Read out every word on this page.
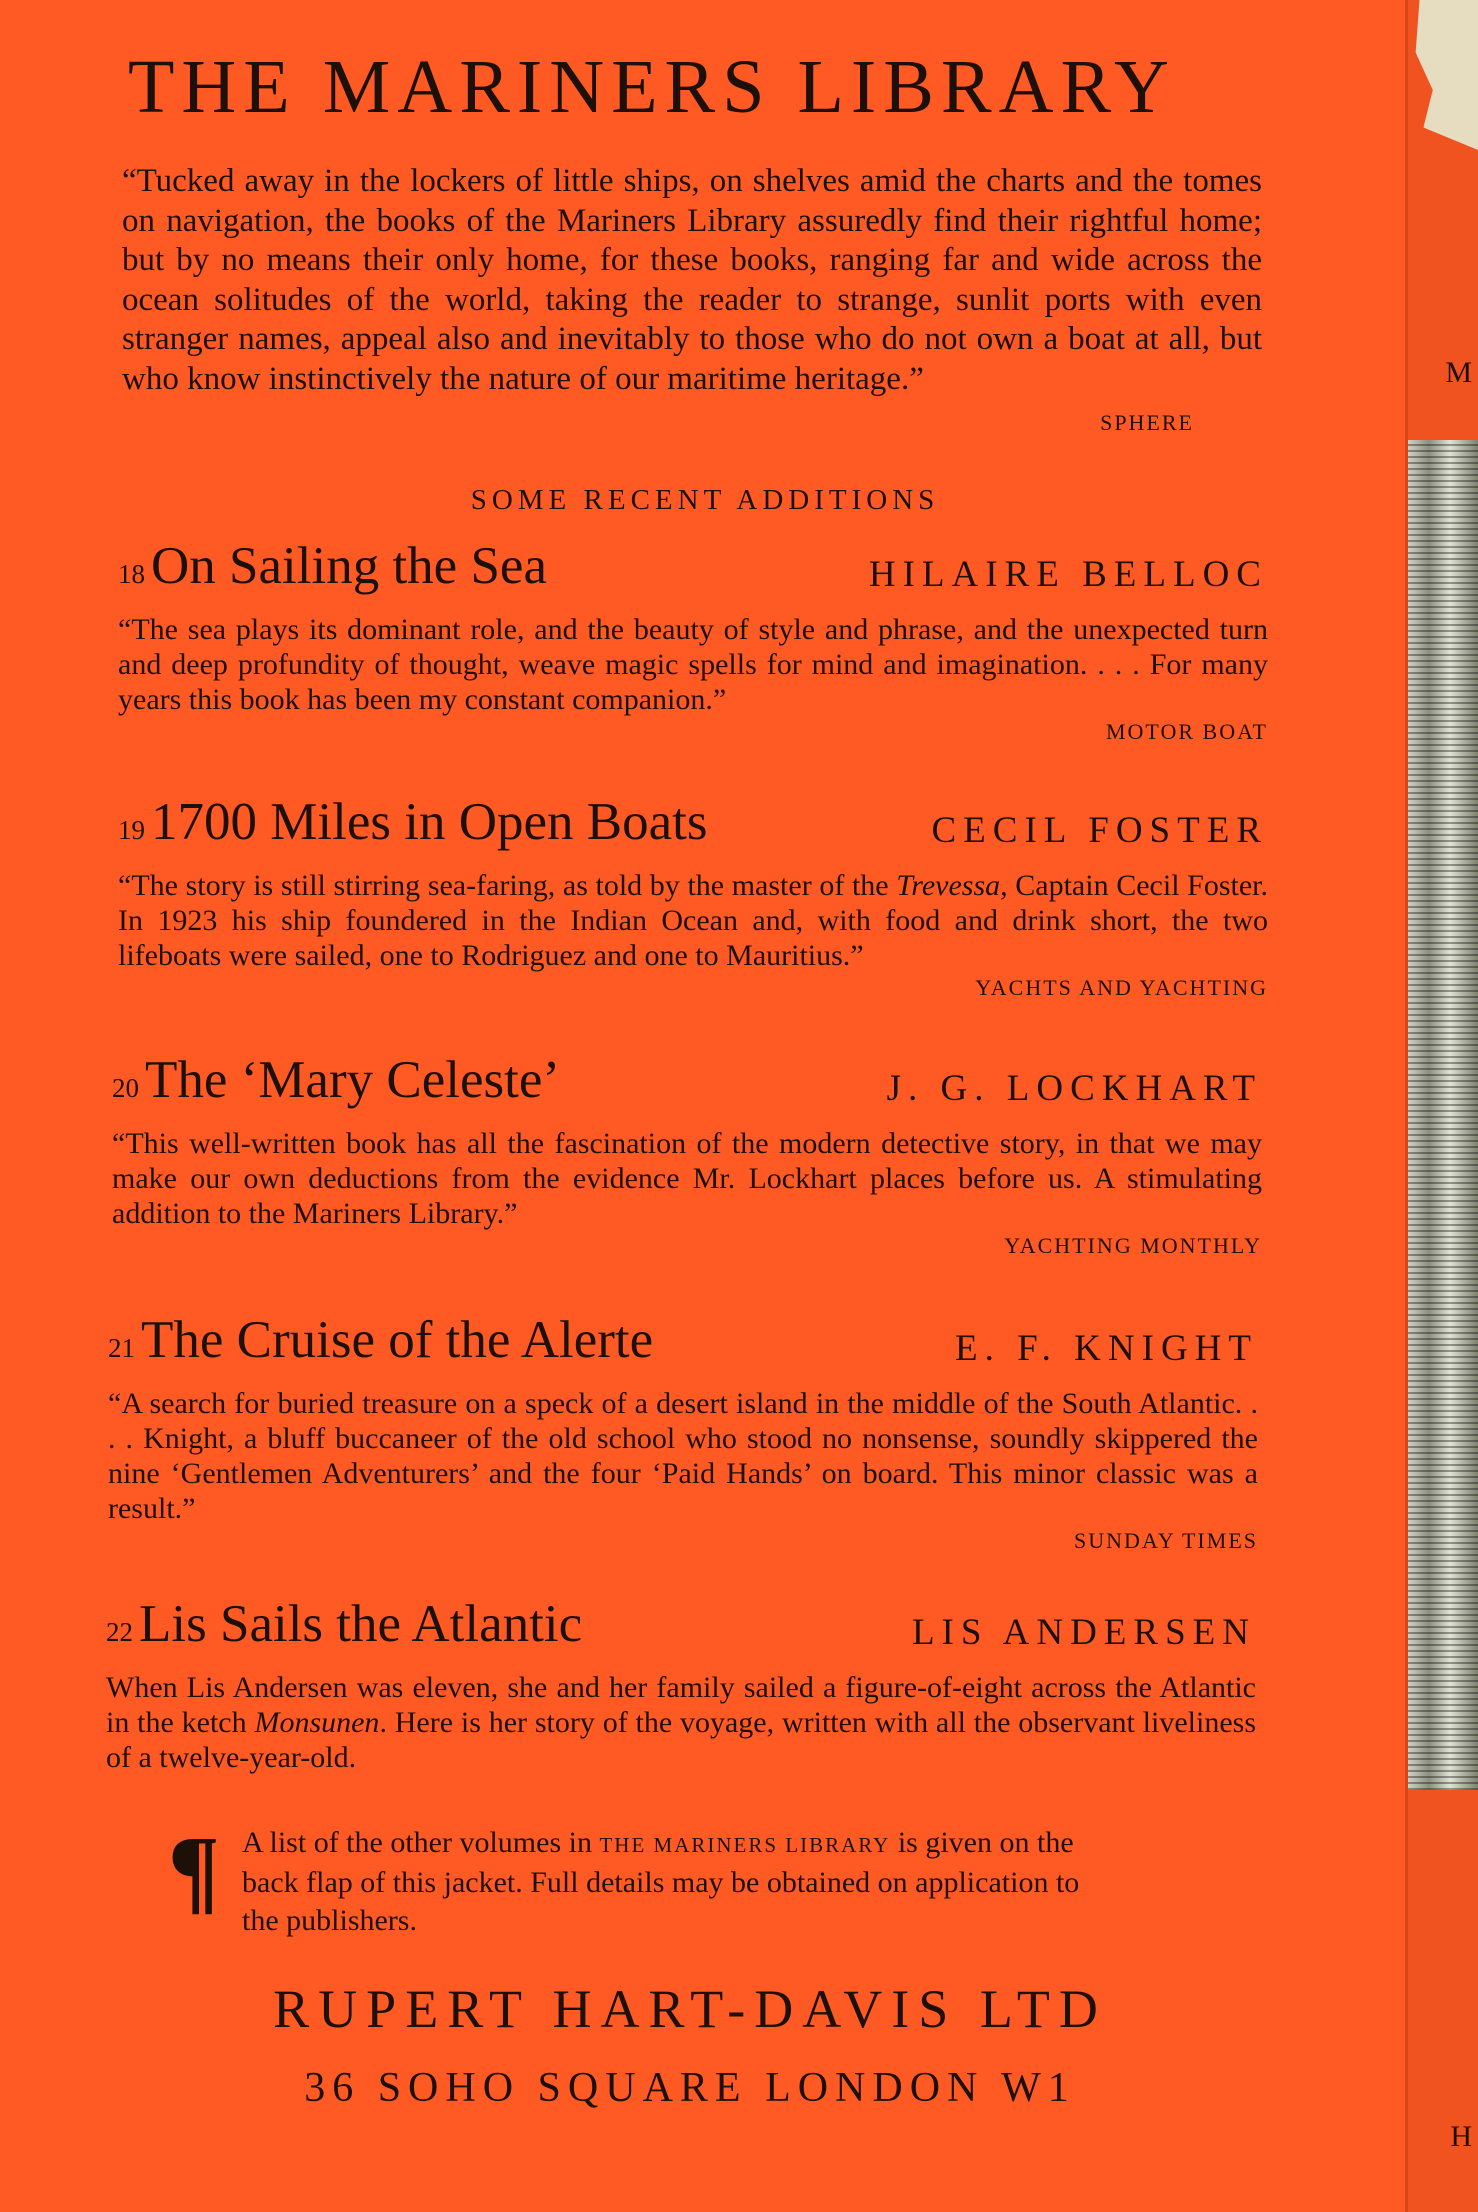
THE MARINERS LIBRARY
“Tucked away in the lockers of little ships, on shelves amid the charts and the tomes on navigation, the books of the Mariners Library assuredly find their rightful home; but by no means their only home, for these books, ranging far and wide across the ocean solitudes of the world, taking the reader to strange, sunlit ports with even stranger names, appeal also and inevitably to those who do not own a boat at all, but who know instinctively the nature of our maritime heritage.”
SPHERE
SOME RECENT ADDITIONS
18 On Sailing the Sea	HILAIRE BELLOC
“The sea plays its dominant role, and the beauty of style and phrase, and the unexpected turn and deep profundity of thought, weave magic spells for mind and imagination. . . . For many years this book has been my constant companion.”
MOTOR BOAT
19 1700 Miles in Open Boats	CECIL FOSTER
“The story is still stirring sea-faring, as told by the master of the Trevessa, Captain Cecil Foster. In 1923 his ship foundered in the Indian Ocean and, with food and drink short, the two lifeboats were sailed, one to Rodriguez and one to Mauritius.”
YACHTS AND YACHTING
20 The ‘Mary Celeste’	J. G. LOCKHART
“This well-written book has all the fascination of the modern detective story, in that we may make our own deductions from the evidence Mr. Lockhart places before us. A stimulating addition to the Mariners Library.”
YACHTING MONTHLY
21 The Cruise of the Alerte	E. F. KNIGHT
“A search for buried treasure on a speck of a desert island in the middle of the South Atlantic. . . . Knight, a bluff buccaneer of the old school who stood no nonsense, soundly skippered the nine ‘Gentlemen Adventurers’ and the four ‘Paid Hands’ on board. This minor classic was a result.”
SUNDAY TIMES
22 Lis Sails the Atlantic	LIS ANDERSEN
When Lis Andersen was eleven, she and her family sailed a figure-of-eight across the Atlantic in the ketch Monsunen. Here is her story of the voyage, written with all the observant liveliness of a twelve-year-old.
¶ A list of the other volumes in THE MARINERS LIBRARY is given on the back flap of this jacket. Full details may be obtained on application to the publishers.
RUPERT HART-DAVIS LTD
36 SOHO SQUARE LONDON W1
M
H
